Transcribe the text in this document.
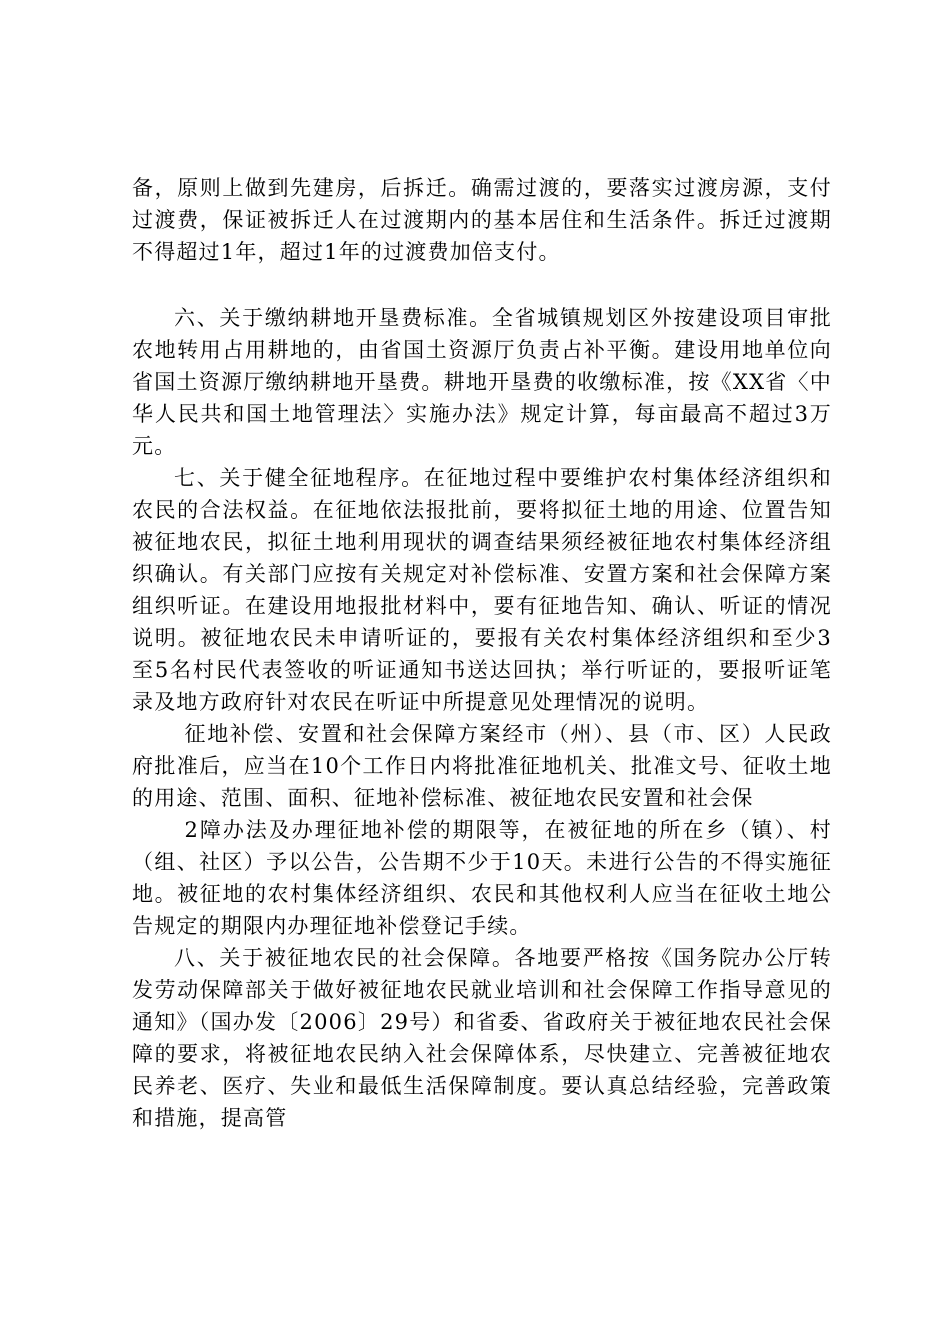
备，原则上做到先建房，后拆迁。确需过渡的，要落实过渡房源，支付过渡费，保证被拆迁人在过渡期内的基本居住和生活条件。拆迁过渡期不得超过1年，超过1年的过渡费加倍支付。

六、关于缴纳耕地开垦费标准。全省城镇规划区外按建设项目审批农地转用占用耕地的，由省国土资源厅负责占补平衡。建设用地单位向省国土资源厅缴纳耕地开垦费。耕地开垦费的收缴标准，按《XX省〈中华人民共和国土地管理法〉实施办法》规定计算，每亩最高不超过3万元。

七、关于健全征地程序。在征地过程中要维护农村集体经济组织和农民的合法权益。在征地依法报批前，要将拟征土地的用途、位置告知被征地农民，拟征土地利用现状的调查结果须经被征地农村集体经济组织确认。有关部门应按有关规定对补偿标准、安置方案和社会保障方案组织听证。在建设用地报批材料中，要有征地告知、确认、听证的情况说明。被征地农民未申请听证的，要报有关农村集体经济组织和至少3至5名村民代表签收的听证通知书送达回执；举行听证的，要报听证笔录及地方政府针对农民在听证中所提意见处理情况的说明。

征地补偿、安置和社会保障方案经市（州）、县（市、区）人民政府批准后，应当在10个工作日内将批准征地机关、批准文号、征收土地的用途、范围、面积、征地补偿标准、被征地农民安置和社会保

2障办法及办理征地补偿的期限等，在被征地的所在乡（镇）、村（组、社区）予以公告，公告期不少于10天。未进行公告的不得实施征地。被征地的农村集体经济组织、农民和其他权利人应当在征收土地公告规定的期限内办理征地补偿登记手续。

八、关于被征地农民的社会保障。各地要严格按《国务院办公厅转发劳动保障部关于做好被征地农民就业培训和社会保障工作指导意见的通知》（国办发〔2006〕29号）和省委、省政府关于被征地农民社会保障的要求，将被征地农民纳入社会保障体系，尽快建立、完善被征地农民养老、医疗、失业和最低生活保障制度。要认真总结经验，完善政策和措施，提高管
